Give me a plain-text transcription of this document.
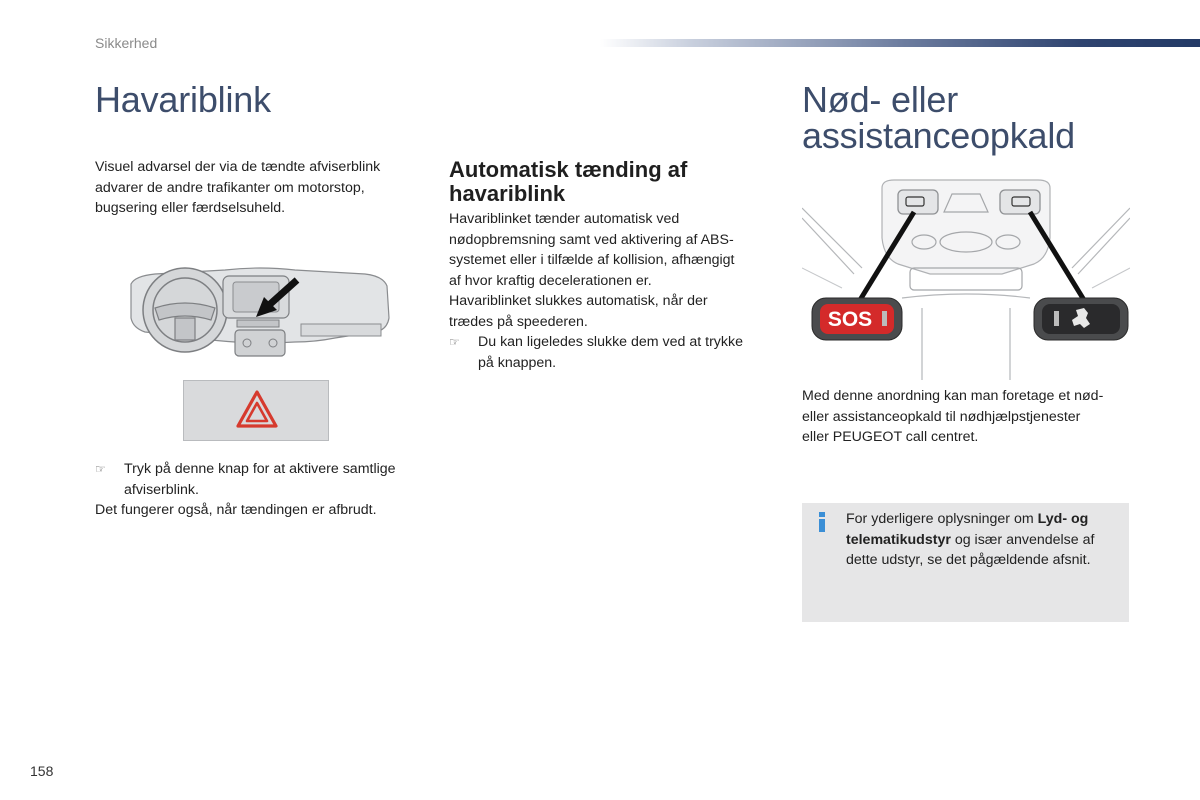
Sikkerhed
Havariblink
Visuel advarsel der via de tændte afviserblink
advarer de andre trafikanter om motorstop,
bugsering eller færdselsuheld.
☞ Tryk på denne knap for at aktivere samtlige
afviserblink.
Det fungerer også, når tændingen er afbrudt.
Automatisk tænding af
havariblink
Havariblinket tænder automatisk ved
nødopbremsning samt ved aktivering af ABS-
systemet eller i tilfælde af kollision, afhængigt
af hvor kraftig decelerationen er.
Havariblinket slukkes automatisk, når der
trædes på speederen.
☞ Du kan ligeledes slukke dem ved at trykke
på knappen.
Nød- eller
assistanceopkald
SOS
Med denne anordning kan man foretage et nød-
eller assistanceopkald til nødhjælpstjenester
eller PEUGEOT call centret.
For yderligere oplysninger om Lyd- og
telematikudstyr og især anvendelse af
dette udstyr, se det pågældende afsnit.
158
